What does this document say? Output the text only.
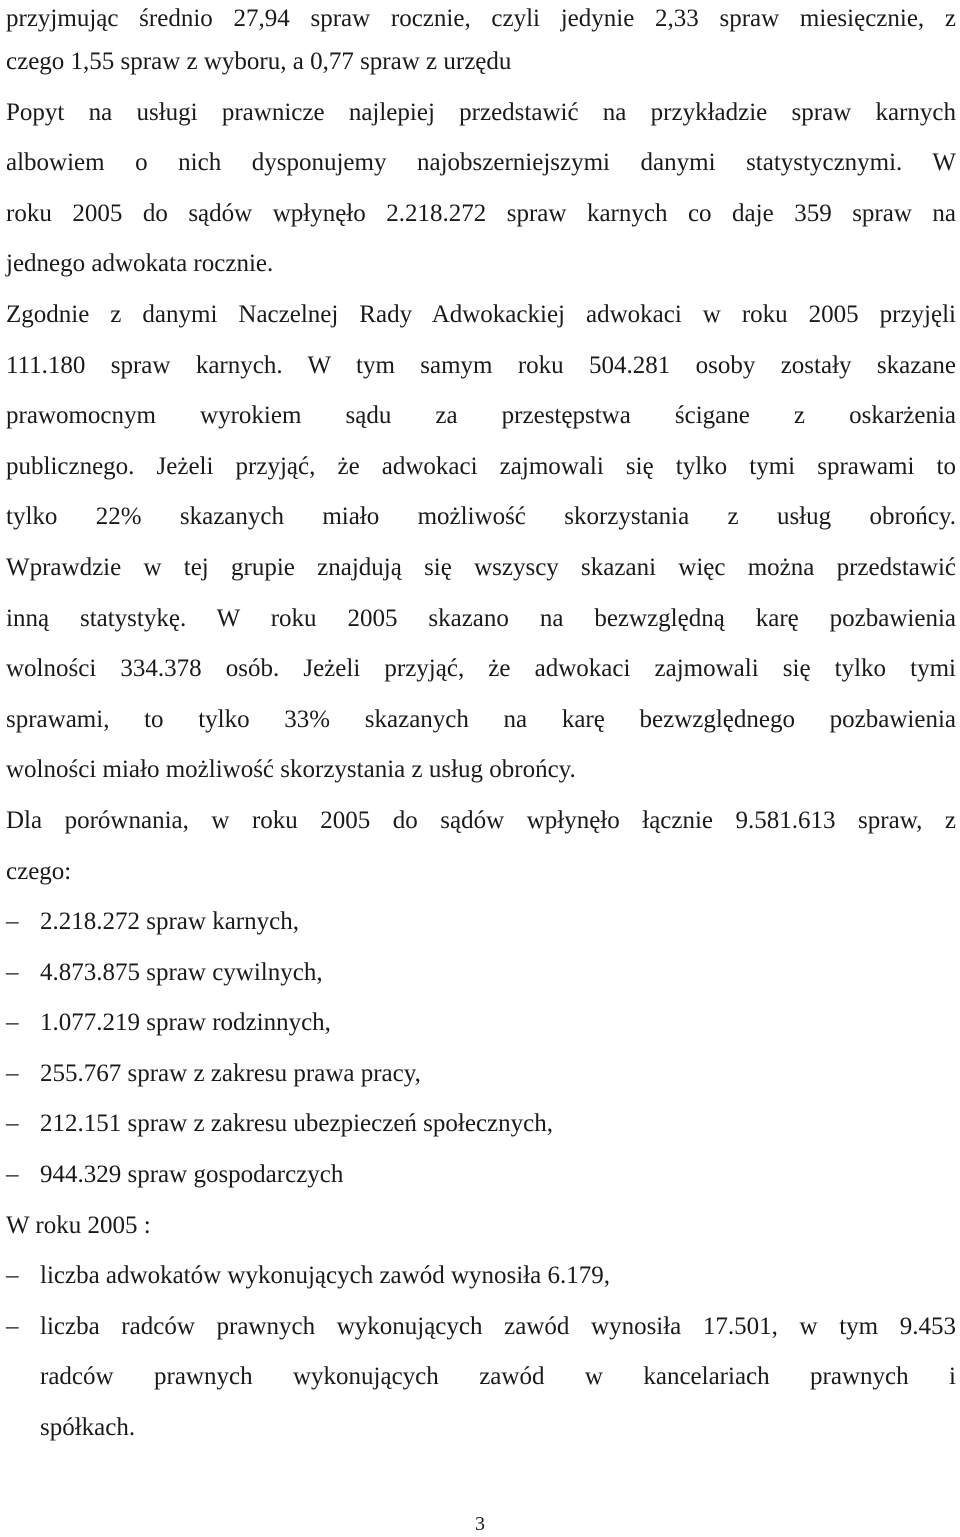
przyjmując średnio 27,94 spraw rocznie, czyli jedynie 2,33 spraw miesięcznie, z
czego 1,55 spraw z wyboru, a 0,77 spraw z urzędu
Popyt na usługi prawnicze najlepiej przedstawić na przykładzie spraw karnych
albowiem o nich dysponujemy najobszerniejszymi danymi statystycznymi. W
roku 2005 do sądów wpłynęło 2.218.272 spraw karnych co daje 359 spraw na
jednego adwokata rocznie.
Zgodnie z danymi Naczelnej Rady Adwokackiej adwokaci w roku 2005 przyjęli
111.180 spraw karnych. W tym samym roku 504.281 osoby zostały skazane
prawomocnym wyrokiem sądu za przestępstwa ścigane z oskarżenia
publicznego. Jeżeli przyjąć, że adwokaci zajmowali się tylko tymi sprawami to
tylko 22% skazanych miało możliwość skorzystania z usług obrońcy.
Wprawdzie w tej grupie znajdują się wszyscy skazani więc można przedstawić
inną statystykę. W roku 2005 skazano na bezwzględną karę pozbawienia
wolności 334.378 osób. Jeżeli przyjąć, że adwokaci zajmowali się tylko tymi
sprawami, to tylko 33% skazanych na karę bezwzględnego pozbawienia
wolności miało możliwość skorzystania z usług obrońcy.
Dla porównania, w roku 2005 do sądów wpłynęło łącznie 9.581.613 spraw, z
czego:
– 2.218.272 spraw karnych,
– 4.873.875 spraw cywilnych,
– 1.077.219 spraw rodzinnych,
– 255.767 spraw z zakresu prawa pracy,
– 212.151 spraw z zakresu ubezpieczeń społecznych,
– 944.329 spraw gospodarczych
W roku 2005 :
– liczba adwokatów wykonujących zawód wynosiła 6.179,
– liczba radców prawnych wykonujących zawód wynosiła 17.501, w tym 9.453
radców prawnych wykonujących zawód w kancelariach prawnych i
spółkach.
3
